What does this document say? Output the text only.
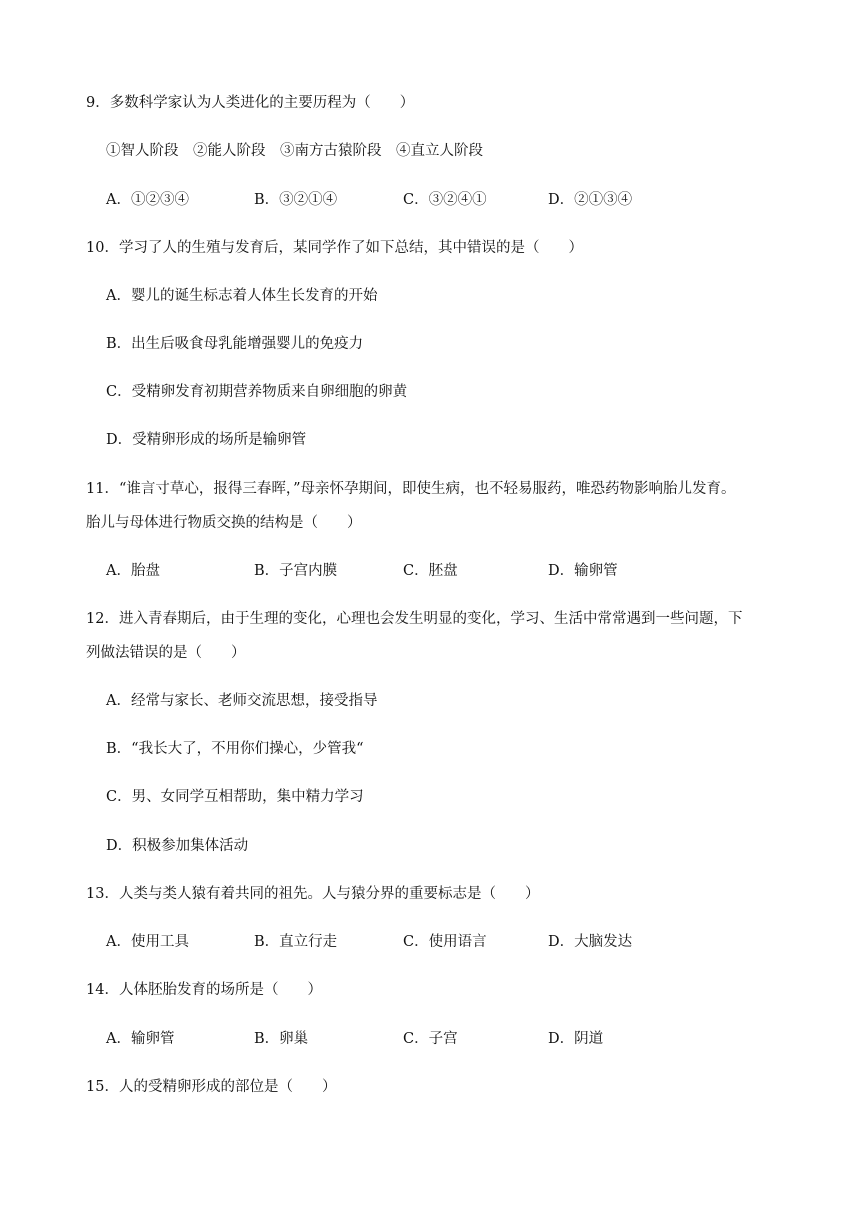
9．多数科学家认为人类进化的主要历程为（　　）
①智人阶段　②能人阶段　③南方古猿阶段　④直立人阶段
A．①②③④	B．③②①④	C．③②④①	D．②①③④
10．学习了人的生殖与发育后，某同学作了如下总结，其中错误的是（　　）
A．婴儿的诞生标志着人体生长发育的开始
B．出生后吸食母乳能增强婴儿的免疫力
C．受精卵发育初期营养物质来自卵细胞的卵黄
D．受精卵形成的场所是输卵管
11．“谁言寸草心，报得三春晖，”母亲怀孕期间，即使生病，也不轻易服药，唯恐药物影响胎儿发育。
胎儿与母体进行物质交换的结构是（　　）
A．胎盘	B．子宫内膜	C．胚盘	D．输卵管
12．进入青春期后，由于生理的变化，心理也会发生明显的变化，学习、生活中常常遇到一些问题，下
列做法错误的是（　　）
A．经常与家长、老师交流思想，接受指导
B．“我长大了，不用你们操心，少管我“
C．男、女同学互相帮助，集中精力学习
D．积极参加集体活动
13．人类与类人猿有着共同的祖先。人与猿分界的重要标志是（　　）
A．使用工具	B．直立行走	C．使用语言	D．大脑发达
14．人体胚胎发育的场所是（　　）
A．输卵管	B．卵巢	C．子宫	D．阴道
15．人的受精卵形成的部位是（　　）
